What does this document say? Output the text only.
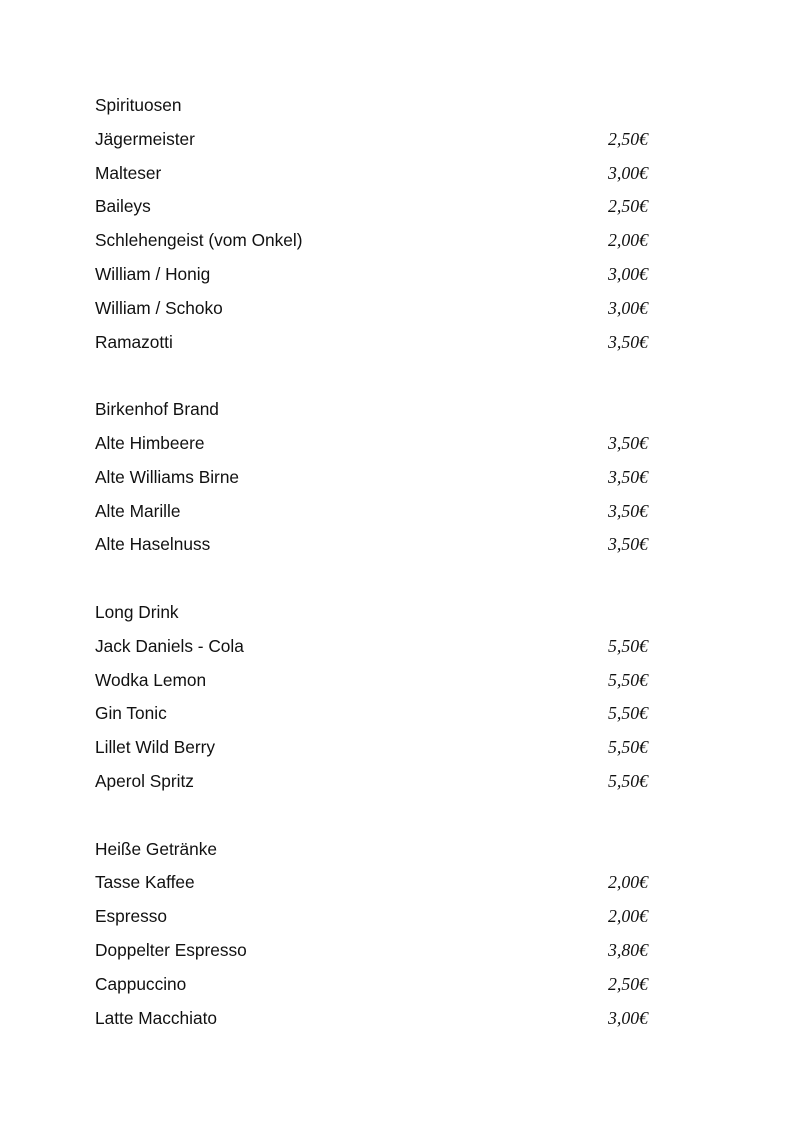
Spirituosen
Jägermeister	2,50€
Malteser	3,00€
Baileys	2,50€
Schlehengeist (vom Onkel)	2,00€
William / Honig	3,00€
William / Schoko	3,00€
Ramazotti	3,50€
Birkenhof Brand
Alte Himbeere	3,50€
Alte Williams Birne	3,50€
Alte Marille	3,50€
Alte Haselnuss	3,50€
Long Drink
Jack Daniels - Cola	5,50€
Wodka Lemon	5,50€
Gin Tonic	5,50€
Lillet Wild Berry	5,50€
Aperol Spritz	5,50€
Heiße Getränke
Tasse Kaffee	2,00€
Espresso	2,00€
Doppelter Espresso	3,80€
Cappuccino	2,50€
Latte Macchiato	3,00€
